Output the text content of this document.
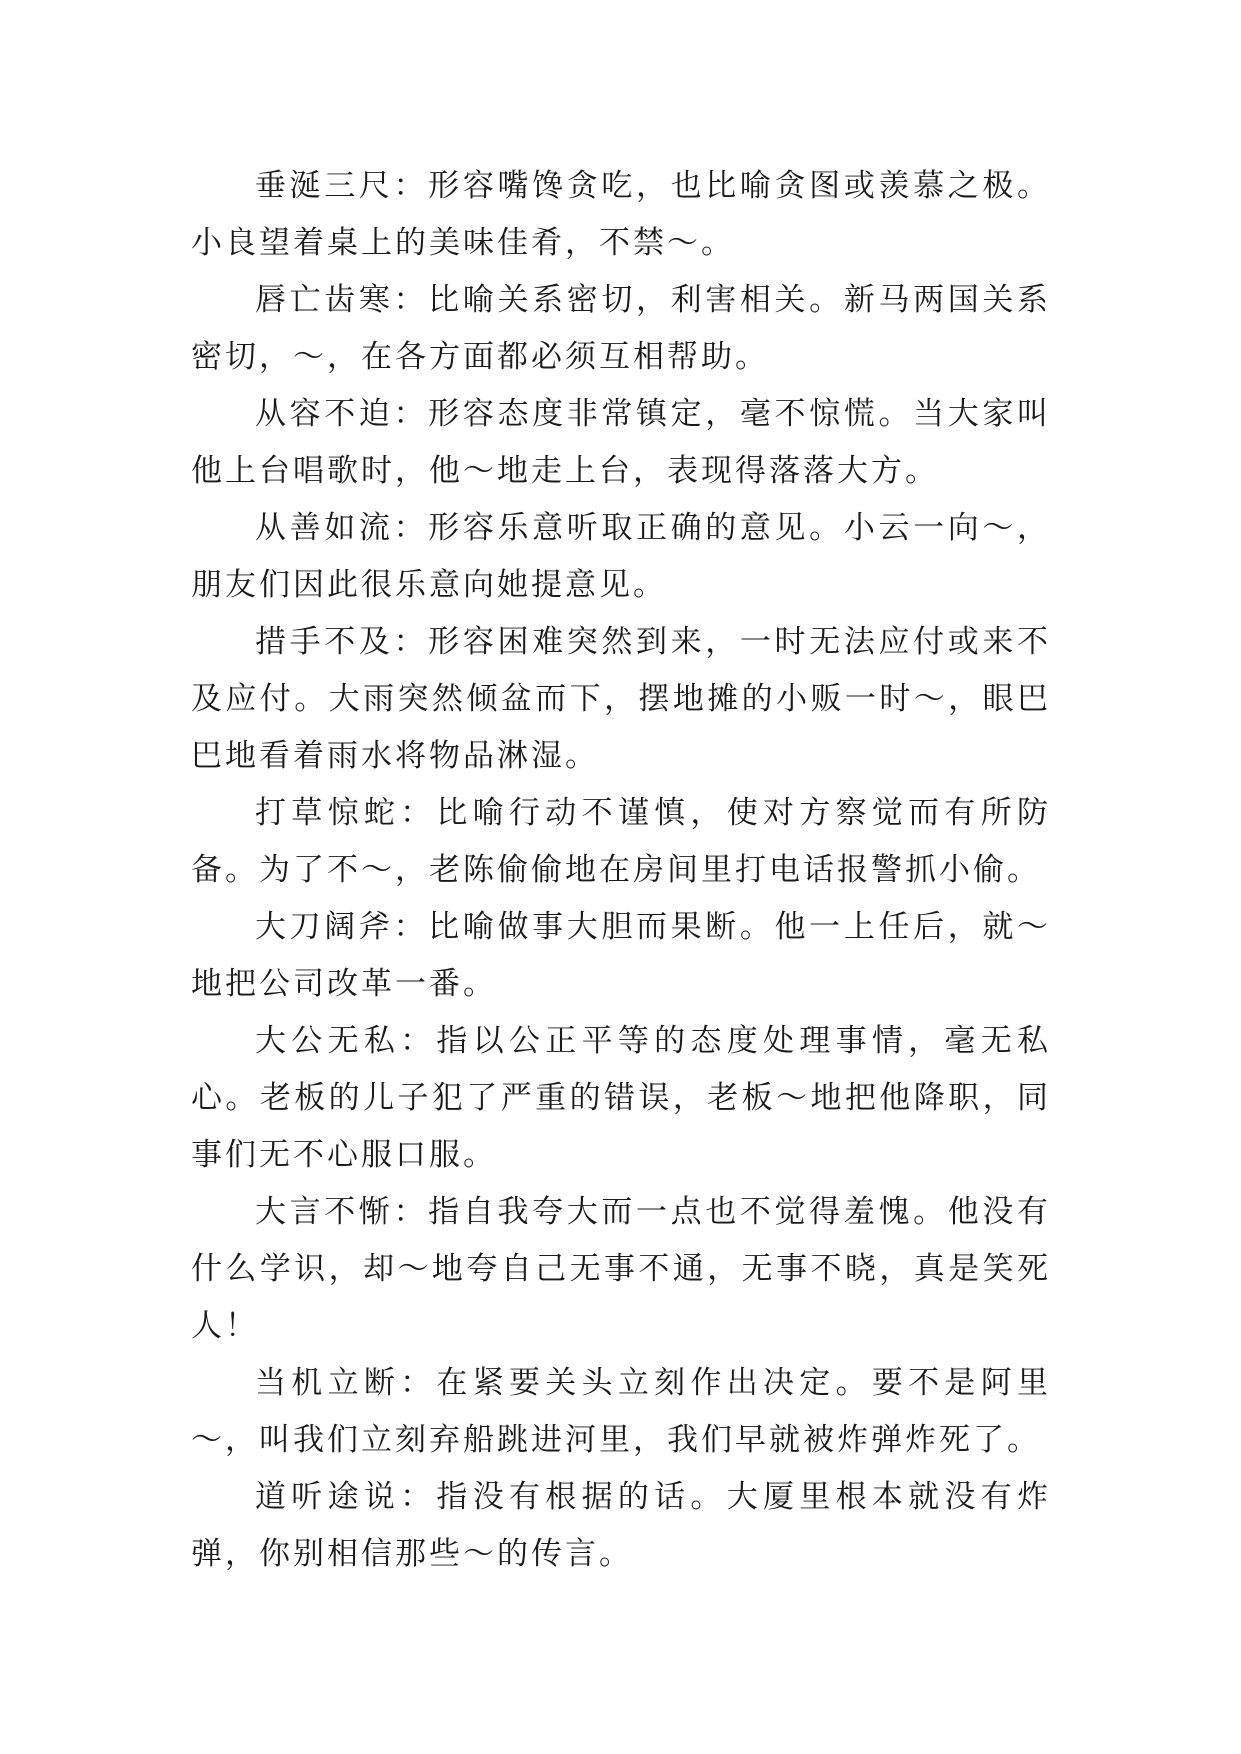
垂涎三尺：形容嘴馋贪吃，也比喻贪图或羡慕之极。小良望着桌上的美味佳肴，不禁～。

唇亡齿寒：比喻关系密切，利害相关。新马两国关系密切，～，在各方面都必须互相帮助。

从容不迫：形容态度非常镇定，毫不惊慌。当大家叫他上台唱歌时，他～地走上台，表现得落落大方。

从善如流：形容乐意听取正确的意见。小云一向～，朋友们因此很乐意向她提意见。

措手不及：形容困难突然到来，一时无法应付或来不及应付。大雨突然倾盆而下，摆地摊的小贩一时～，眼巴巴地看着雨水将物品淋湿。

打草惊蛇：比喻行动不谨慎，使对方察觉而有所防备。为了不～，老陈偷偷地在房间里打电话报警抓小偷。

大刀阔斧：比喻做事大胆而果断。他一上任后，就～地把公司改革一番。

大公无私：指以公正平等的态度处理事情，毫无私心。老板的儿子犯了严重的错误，老板～地把他降职，同事们无不心服口服。

大言不惭：指自我夸大而一点也不觉得羞愧。他没有什么学识，却～地夸自己无事不通，无事不晓，真是笑死人！

当机立断：在紧要关头立刻作出决定。要不是阿里～，叫我们立刻弃船跳进河里，我们早就被炸弹炸死了。

道听途说：指没有根据的话。大厦里根本就没有炸弹，你别相信那些～的传言。
